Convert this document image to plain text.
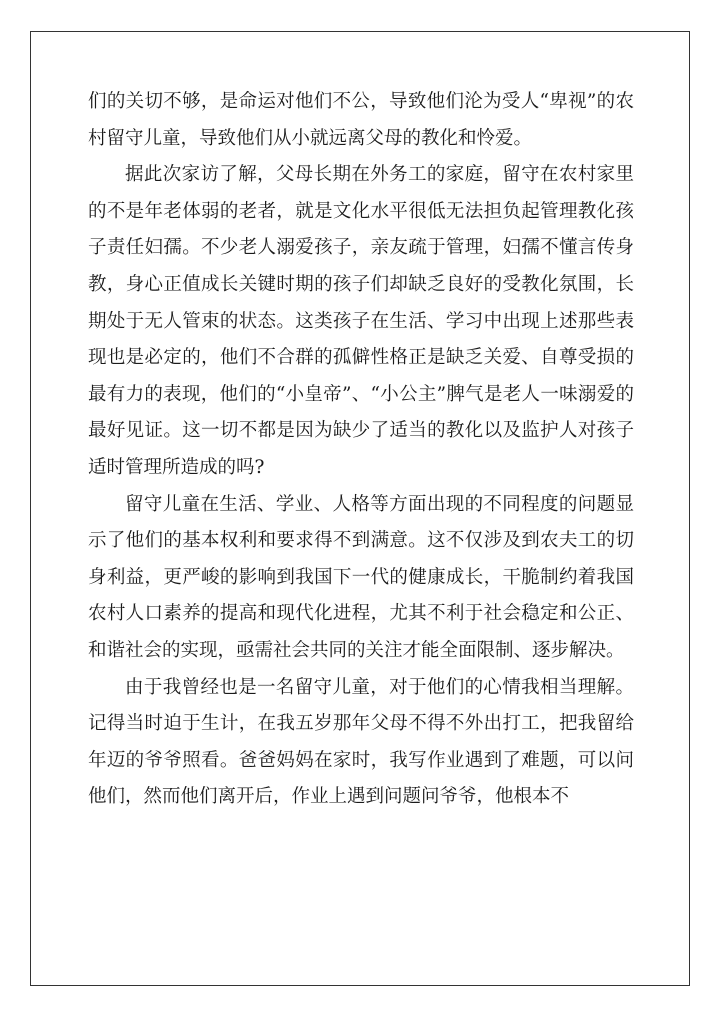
们的关切不够，是命运对他们不公，导致他们沦为受人“卑视”的农村留守儿童，导致他们从小就远离父母的教化和怜爱。

据此次家访了解，父母长期在外务工的家庭，留守在农村家里的不是年老体弱的老者，就是文化水平很低无法担负起管理教化孩子责任妇孺。不少老人溺爱孩子，亲友疏于管理，妇孺不懂言传身教，身心正值成长关键时期的孩子们却缺乏良好的受教化氛围，长期处于无人管束的状态。这类孩子在生活、学习中出现上述那些表现也是必定的，他们不合群的孤僻性格正是缺乏关爱、自尊受损的最有力的表现，他们的“小皇帝”、“小公主”脾气是老人一味溺爱的最好见证。这一切不都是因为缺少了适当的教化以及监护人对孩子适时管理所造成的吗?

留守儿童在生活、学业、人格等方面出现的不同程度的问题显示了他们的基本权利和要求得不到满意。这不仅涉及到农夫工的切身利益，更严峻的影响到我国下一代的健康成长，干脆制约着我国农村人口素养的提高和现代化进程，尤其不利于社会稳定和公正、和谐社会的实现，亟需社会共同的关注才能全面限制、逐步解决。

由于我曾经也是一名留守儿童，对于他们的心情我相当理解。记得当时迫于生计，在我五岁那年父母不得不外出打工，把我留给年迈的爷爷照看。爸爸妈妈在家时，我写作业遇到了难题，可以问他们，然而他们离开后，作业上遇到问题问爷爷，他根本不
